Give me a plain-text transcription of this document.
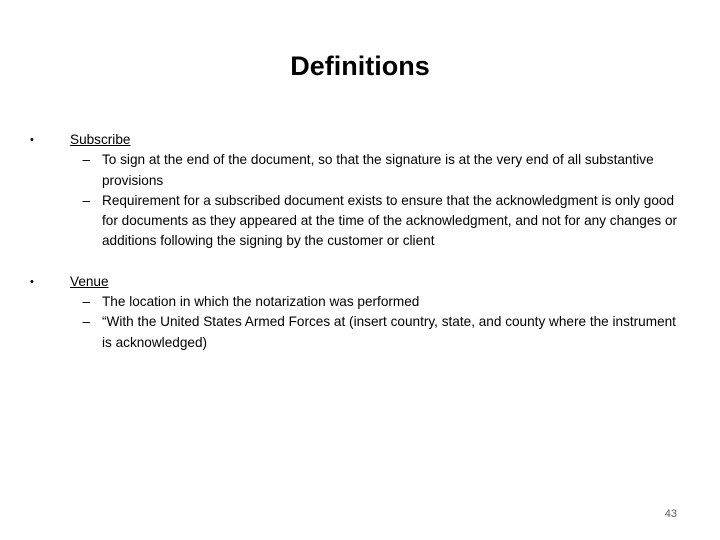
Definitions
•	Subscribe
– To sign at the end of the document, so that the signature is at the very end of all substantive provisions
– Requirement for a subscribed document exists to ensure that the acknowledgment is only good for documents as they appeared at the time of the acknowledgment, and not for any changes or additions following the signing by the customer or client
•	Venue
– The location in which the notarization was performed
– “With the United States Armed Forces at (insert country, state, and county where the instrument is acknowledged)
43
